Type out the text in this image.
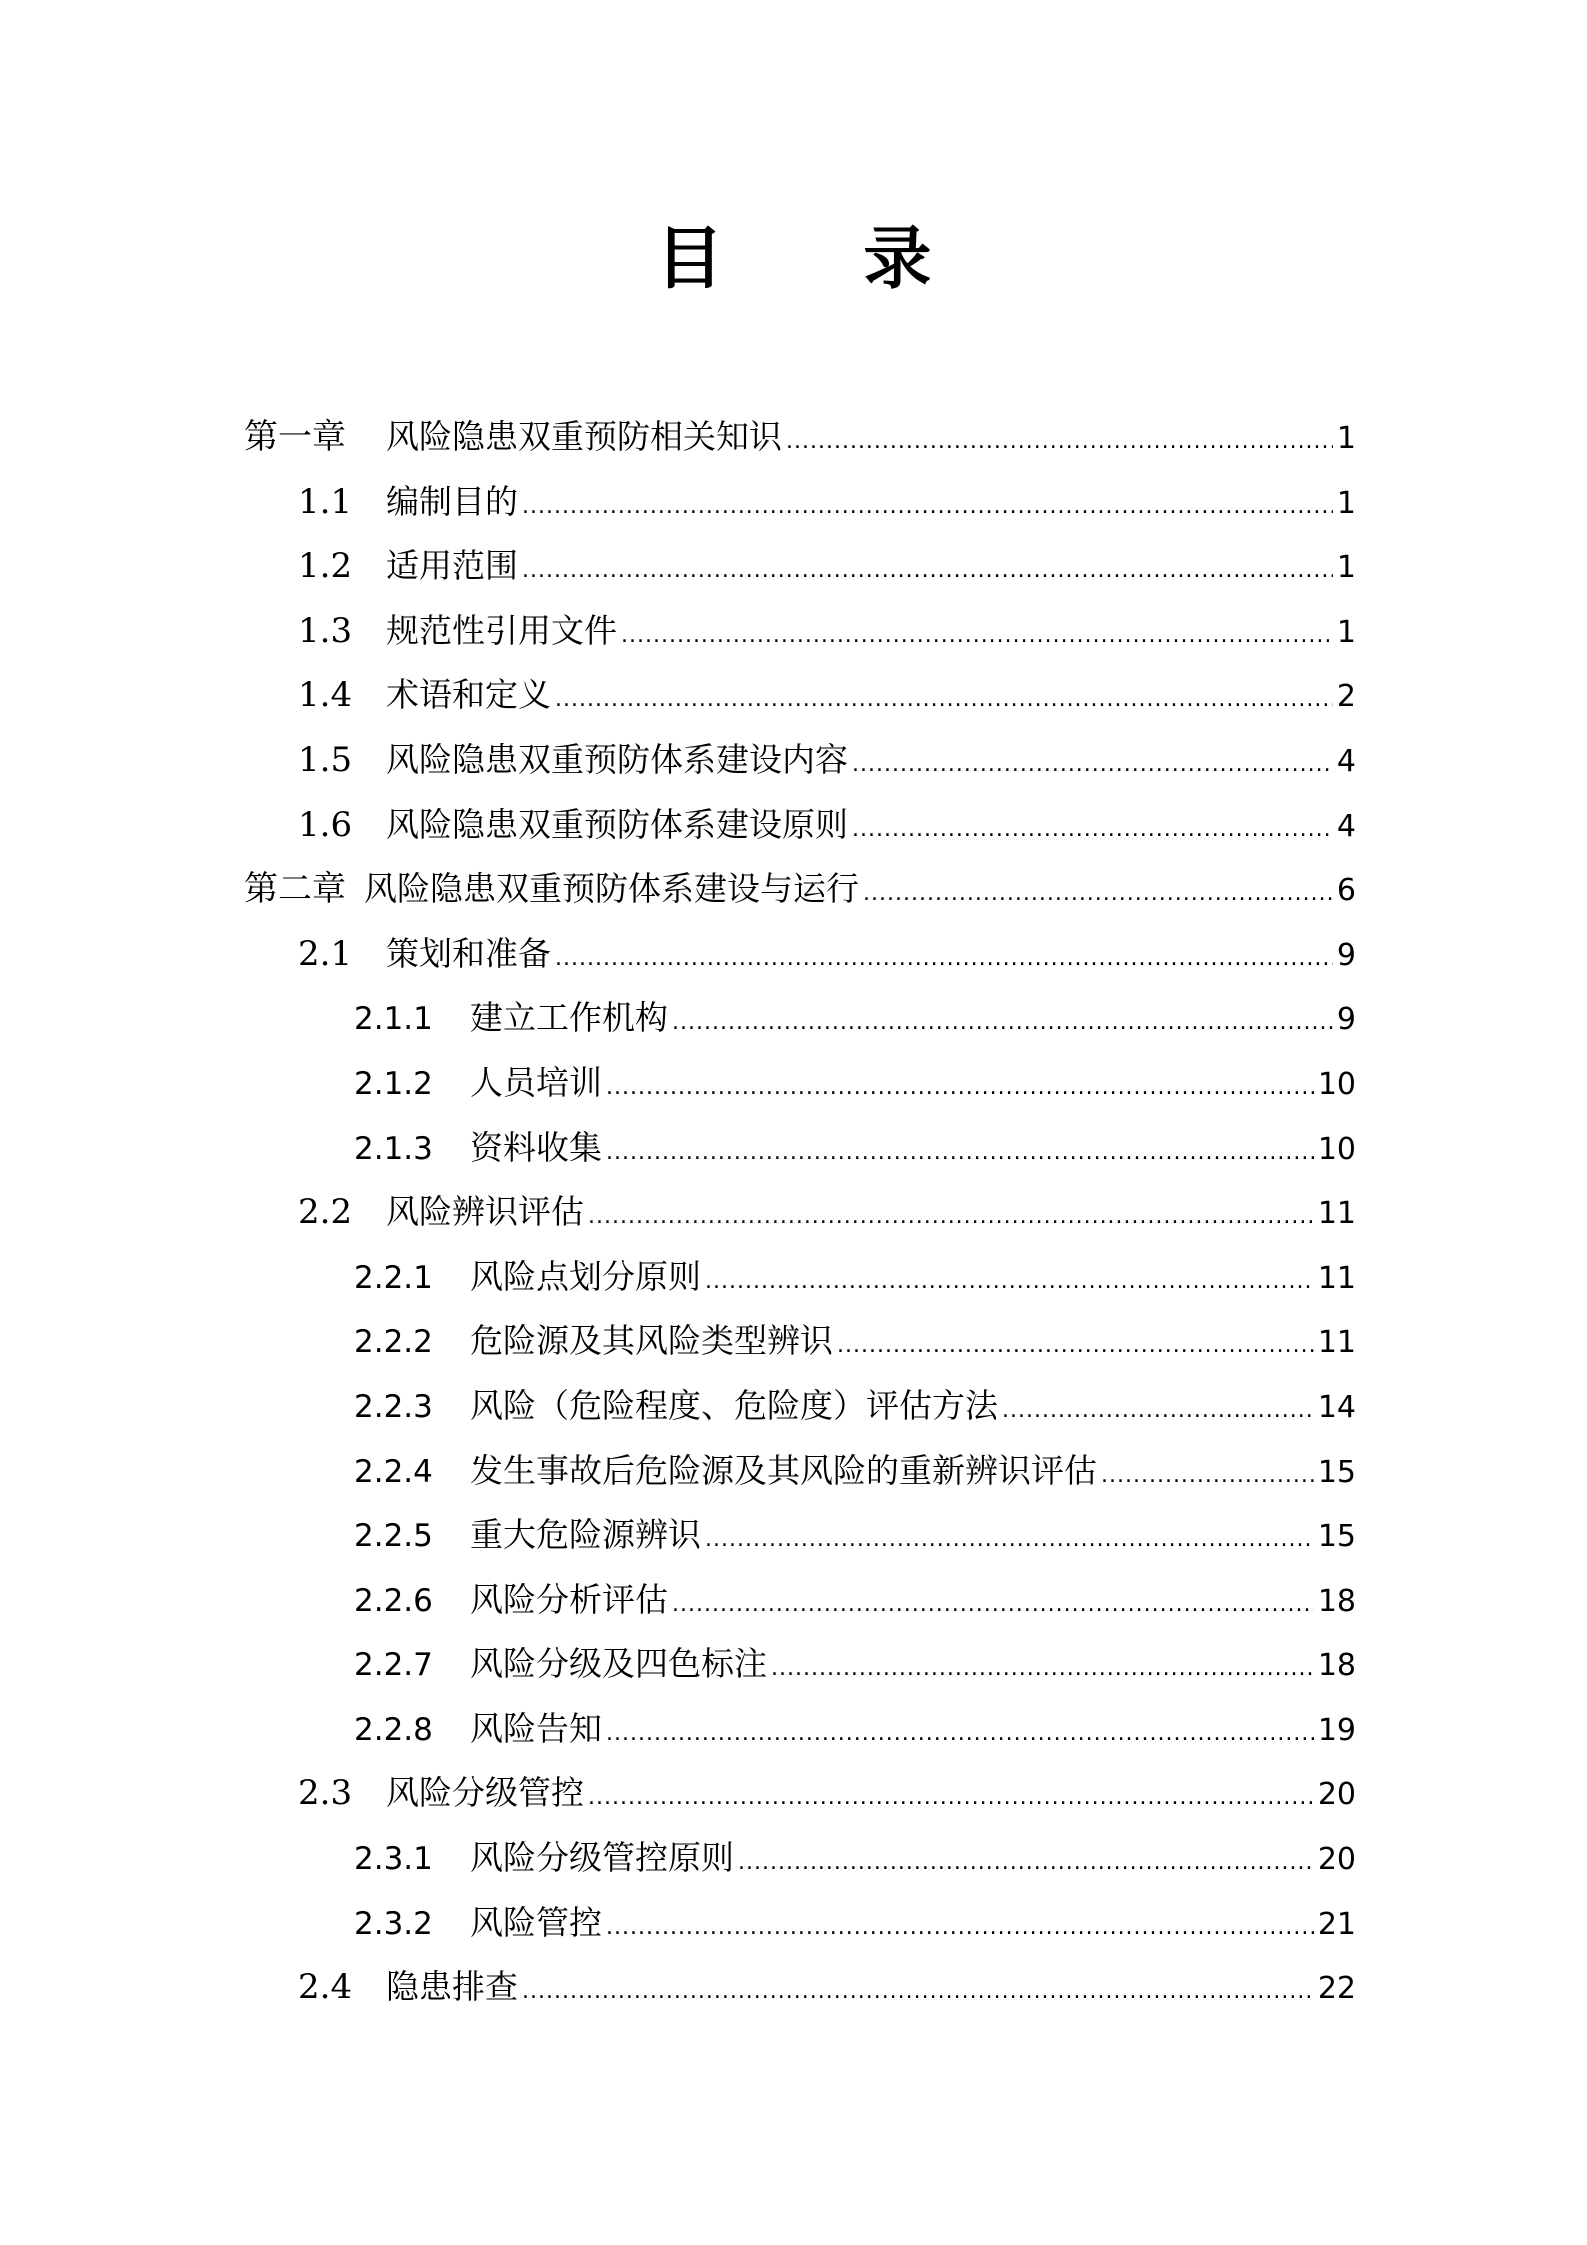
目 录
第一章 风险隐患双重预防相关知识 .....	1
1.1	编制目的 .....	1
1.2	适用范围 .....	1
1.3	规范性引用文件 .....	1
1.4	术语和定义 .....	2
1.5	风险隐患双重预防体系建设内容 .....	4
1.6	风险隐患双重预防体系建设原则 .....	4
第二章 风险隐患双重预防体系建设与运行 .....	6
2.1	策划和准备 .....	9
2.1.1	建立工作机构 .....	9
2.1.2	人员培训 .....	10
2.1.3	资料收集 .....	10
2.2	风险辨识评估 .....	11
2.2.1	风险点划分原则 .....	11
2.2.2	危险源及其风险类型辨识 .....	11
2.2.3	风险（危险程度、危险度）评估方法 .....	14
2.2.4	发生事故后危险源及其风险的重新辨识评估 .....	15
2.2.5	重大危险源辨识 .....	15
2.2.6	风险分析评估 .....	18
2.2.7	风险分级及四色标注 .....	18
2.2.8	风险告知 .....	19
2.3	风险分级管控 .....	20
2.3.1	风险分级管控原则 .....	20
2.3.2	风险管控 .....	21
2.4	隐患排查 .....	22
